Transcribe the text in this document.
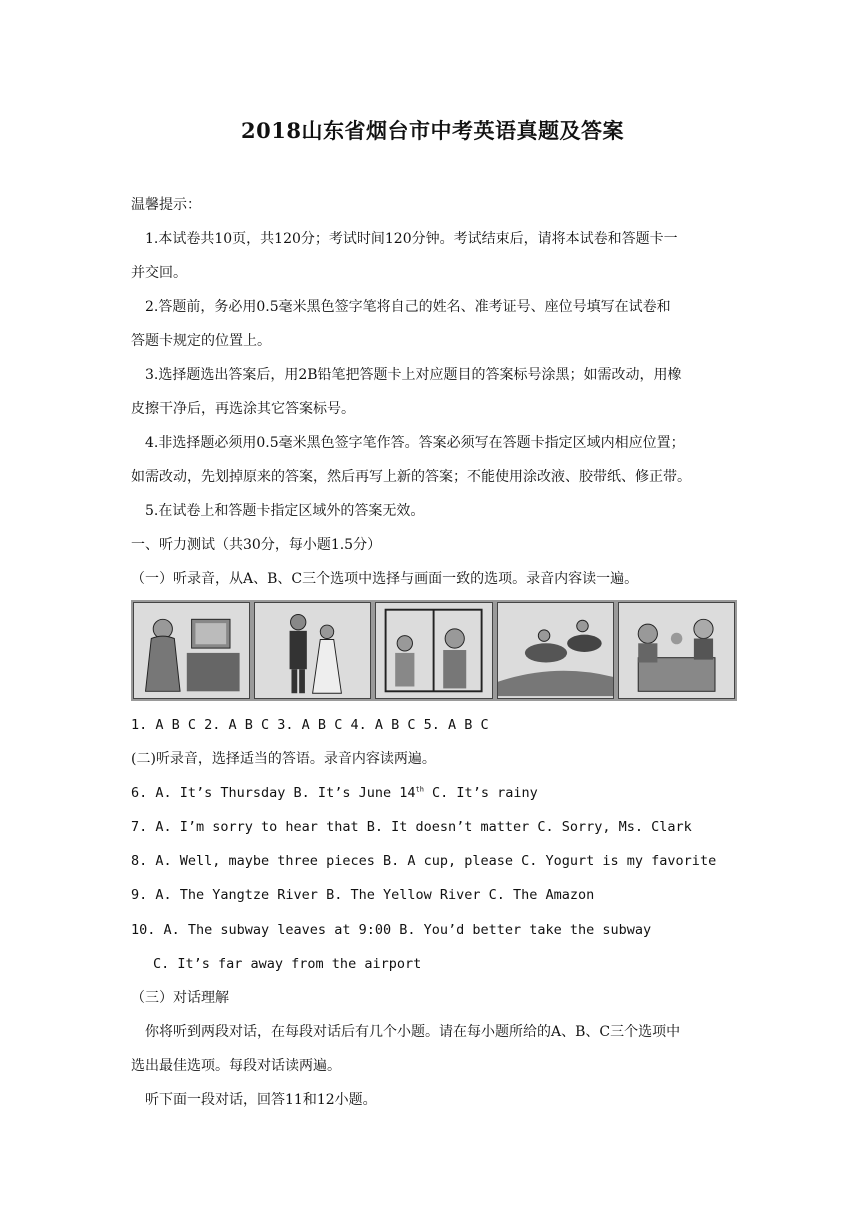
2018山东省烟台市中考英语真题及答案
温馨提示：
1.本试卷共10页，共120分；考试时间120分钟。考试结束后，请将本试卷和答题卡一
并交回。
2.答题前，务必用0.5毫米黑色签字笔将自己的姓名、准考证号、座位号填写在试卷和
答题卡规定的位置上。
3.选择题选出答案后，用2B铅笔把答题卡上对应题目的答案标号涂黑；如需改动，用橡
皮擦干净后，再选涂其它答案标号。
4.非选择题必须用0.5毫米黑色签字笔作答。答案必须写在答题卡指定区域内相应位置；
如需改动，先划掉原来的答案，然后再写上新的答案；不能使用涂改液、胶带纸、修正带。
5.在试卷上和答题卡指定区域外的答案无效。
一、听力测试（共30分，每小题1.5分）
（一）听录音，从A、B、C三个选项中选择与画面一致的选项。录音内容读一遍。
1. A B C 2. A B C 3. A B C 4. A B C 5. A B C
(二)听录音，选择适当的答语。录音内容读两遍。
6. A. It’s Thursday B. It’s June 14th C. It’s rainy
7. A. I’m sorry to hear that B. It doesn’t matter C. Sorry, Ms. Clark
8. A. Well, maybe three pieces B. A cup, please C. Yogurt is my favorite
9. A. The Yangtze River B. The Yellow River C. The Amazon
10. A. The subway leaves at 9:00 B. You’d better take the subway
C. It’s far away from the airport
（三）对话理解
你将听到两段对话，在每段对话后有几个小题。请在每小题所给的A、B、C三个选项中
选出最佳选项。每段对话读两遍。
听下面一段对话，回答11和12小题。
